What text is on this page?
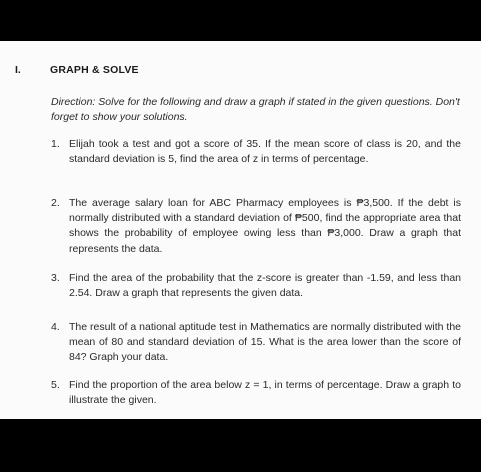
I.	GRAPH & SOLVE
Direction: Solve for the following and draw a graph if stated in the given questions. Don't forget to show your solutions.
1. Elijah took a test and got a score of 35. If the mean score of class is 20, and the standard deviation is 5, find the area of z in terms of percentage.
2. The average salary loan for ABC Pharmacy employees is ₱3,500. If the debt is normally distributed with a standard deviation of ₱500, find the appropriate area that shows the probability of employee owing less than ₱3,000. Draw a graph that represents the data.
3. Find the area of the probability that the z-score is greater than -1.59, and less than 2.54. Draw a graph that represents the given data.
4. The result of a national aptitude test in Mathematics are normally distributed with the mean of 80 and standard deviation of 15. What is the area lower than the score of 84? Graph your data.
5. Find the proportion of the area below z = 1, in terms of percentage. Draw a graph to illustrate the given.
